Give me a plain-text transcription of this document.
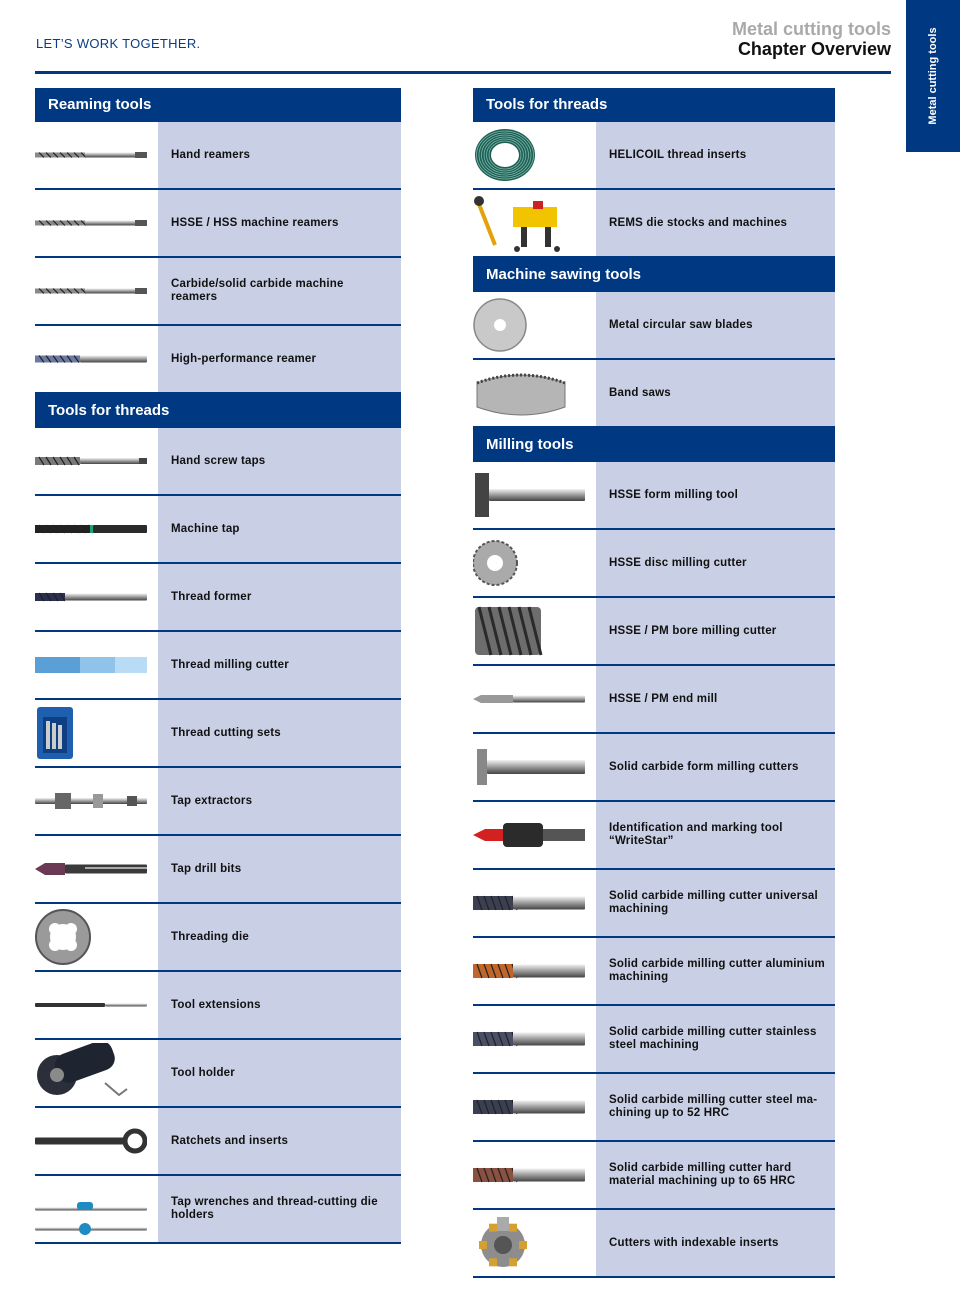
LET’S WORK TOGETHER.
Metal cutting tools
Chapter Overview	Metal cutting tools
Reaming tools
Hand reamers
HSSE / HSS machine reamers
Carbide/solid carbide machine reamers
High-performance reamer
Tools for threads
Hand screw taps
Machine tap
Thread former
Thread milling cutter
Thread cutting sets
Tap extractors
Tap drill bits
Threading die
Tool extensions
Tool holder
Ratchets and inserts
Tap wrenches and thread-cutting die holders
Tools for threads
HELICOIL thread inserts
REMS die stocks and machines
Machine sawing tools
Metal circular saw blades
Band saws
Milling tools
HSSE form milling tool
HSSE disc milling cutter
HSSE / PM bore milling cutter
HSSE / PM end mill
Solid carbide form milling cutters
Identification and marking tool “WriteStar”
Solid carbide milling cutter universal machining
Solid carbide milling cutter aluminium machining
Solid carbide milling cutter stainless steel machining
Solid carbide milling cutter steel machining up to 52 HRC
Solid carbide milling cutter hard material machining up to 65 HRC
Cutters with indexable inserts
